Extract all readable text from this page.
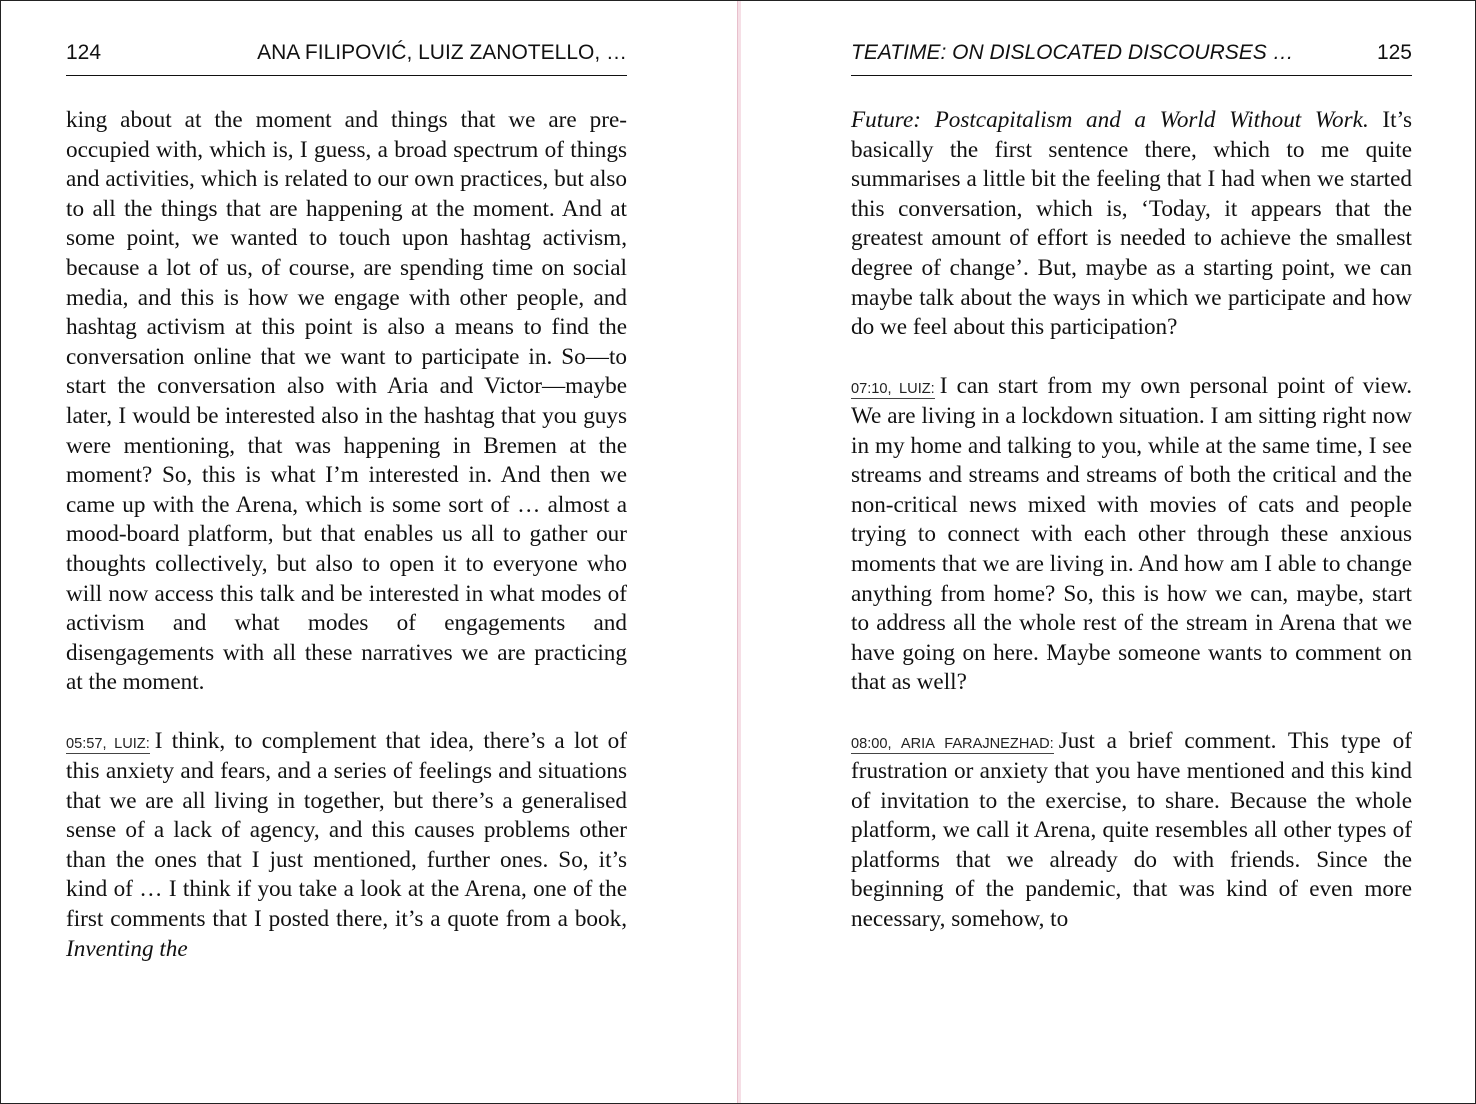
124	ANA FILIPOVIĆ, LUIZ ZANOTELLO, …

king about at the moment and things that we are preoccupied with, which is, I guess, a broad spectrum of things and activities, which is related to our own practices, but also to all the things that are happening at the moment. And at some point, we wanted to touch upon hashtag activism, because a lot of us, of course, are spending time on social media, and this is how we engage with other people, and hashtag activism at this point is also a means to find the conversation online that we want to participate in. So—to start the conversation also with Aria and Victor—maybe later, I would be interested also in the hashtag that you guys were mentioning, that was happening in Bremen at the moment? So, this is what I’m interested in. And then we came up with the Arena, which is some sort of … almost a mood-board platform, but that enables us all to gather our thoughts collectively, but also to open it to everyone who will now access this talk and be interested in what modes of activism and what modes of engagements and disengagements with all these narratives we are practicing at the moment.

05:57, LUIZ: I think, to complement that idea, there’s a lot of this anxiety and fears, and a series of feelings and situations that we are all living in together, but there’s a generalised sense of a lack of agency, and this causes problems other than the ones that I just mentioned, further ones. So, it’s kind of … I think if you take a look at the Arena, one of the first comments that I posted there, it’s a quote from a book, Inventing the

TEATIME: ON DISLOCATED DISCOURSES …	125

Future: Postcapitalism and a World Without Work. It’s basically the first sentence there, which to me quite summarises a little bit the feeling that I had when we started this conversation, which is, ‘Today, it appears that the greatest amount of effort is needed to achieve the smallest degree of change’. But, maybe as a starting point, we can maybe talk about the ways in which we participate and how do we feel about this participation?

07:10, LUIZ: I can start from my own personal point of view. We are living in a lockdown situation. I am sitting right now in my home and talking to you, while at the same time, I see streams and streams and streams of both the critical and the non-critical news mixed with movies of cats and people trying to connect with each other through these anxious moments that we are living in. And how am I able to change anything from home? So, this is how we can, maybe, start to address all the whole rest of the stream in Arena that we have going on here. Maybe someone wants to comment on that as well?

08:00, ARIA FARAJNEZHAD: Just a brief comment. This type of frustration or anxiety that you have mentioned and this kind of invitation to the exercise, to share. Because the whole platform, we call it Arena, quite resembles all other types of platforms that we already do with friends. Since the beginning of the pandemic, that was kind of even more necessary, somehow, to
